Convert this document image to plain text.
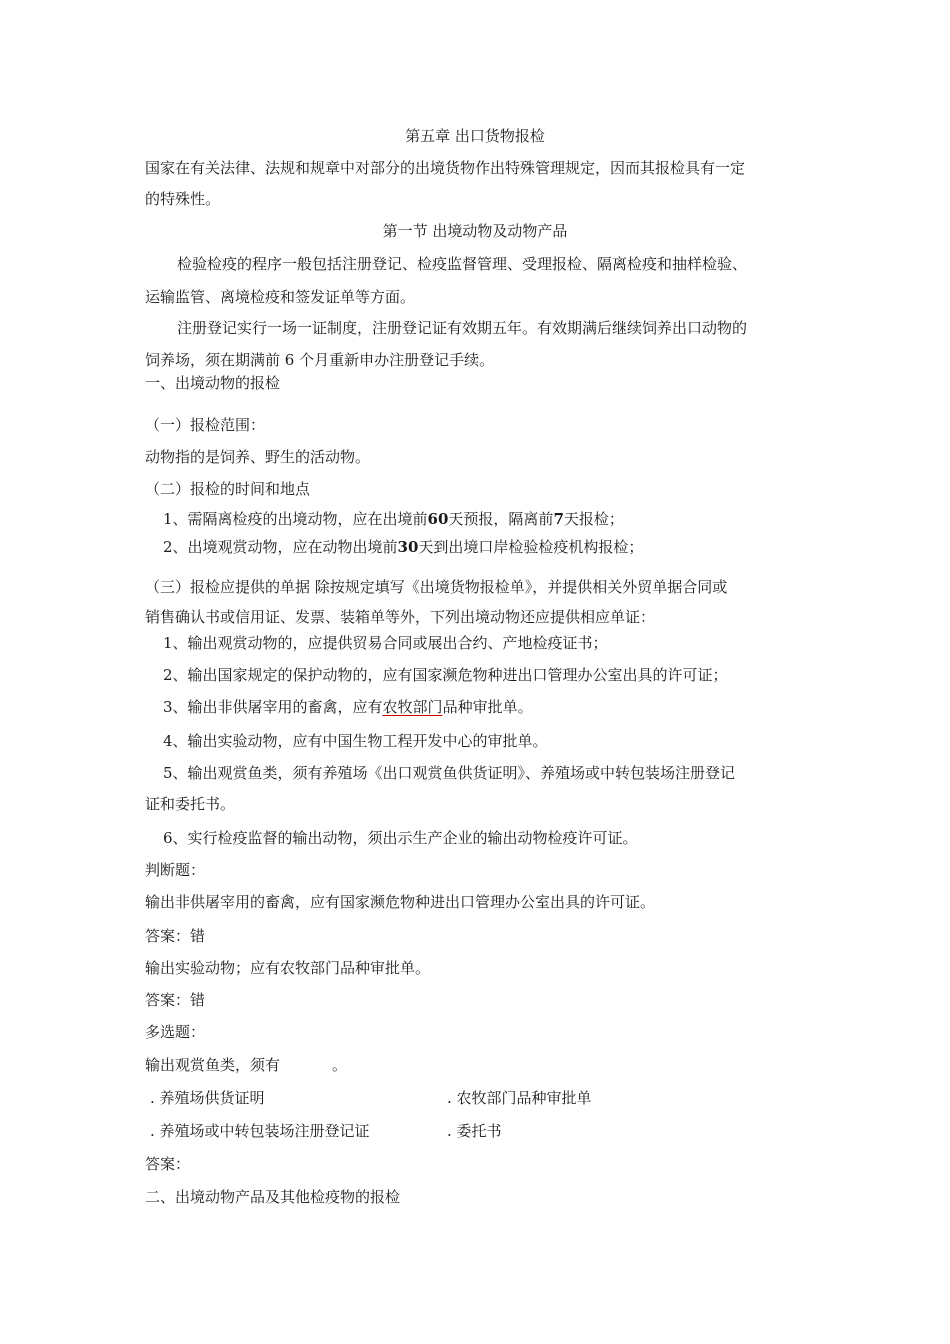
第五章 出口货物报检
国家在有关法律、法规和规章中对部分的出境货物作出特殊管理规定，因而其报检具有一定
的特殊性。
第一节 出境动物及动物产品
检验检疫的程序一般包括注册登记、检疫监督管理、受理报检、隔离检疫和抽样检验、
运输监管、离境检疫和签发证单等方面。
注册登记实行一场一证制度，注册登记证有效期五年。有效期满后继续饲养出口动物的
饲养场，须在期满前 6 个月重新申办注册登记手续。
一、出境动物的报检
（一）报检范围：
动物指的是饲养、野生的活动物。
（二）报检的时间和地点
1、需隔离检疫的出境动物，应在出境前60天预报，隔离前7天报检；
2、出境观赏动物，应在动物出境前30天到出境口岸检验检疫机构报检；
（三）报检应提供的单据 除按规定填写《出境货物报检单》，并提供相关外贸单据合同或
销售确认书或信用证、发票、装箱单等外，下列出境动物还应提供相应单证：
1、输出观赏动物的，应提供贸易合同或展出合约、产地检疫证书；
2、输出国家规定的保护动物的，应有国家濒危物种进出口管理办公室出具的许可证；
3、输出非供屠宰用的畜禽，应有农牧部门品种审批单。
4、输出实验动物，应有中国生物工程开发中心的审批单。
5、输出观赏鱼类，须有养殖场《出口观赏鱼供货证明》、养殖场或中转包装场注册登记
证和委托书。
6、实行检疫监督的输出动物，须出示生产企业的输出动物检疫许可证。
判断题：
输出非供屠宰用的畜禽，应有国家濒危物种进出口管理办公室出具的许可证。
答案：错
输出实验动物；应有农牧部门品种审批单。
答案：错
多选题：
输出观赏鱼类，须有	。
. 养殖场供货证明	. 农牧部门品种审批单
. 养殖场或中转包装场注册登记证	. 委托书
答案：
二、出境动物产品及其他检疫物的报检
